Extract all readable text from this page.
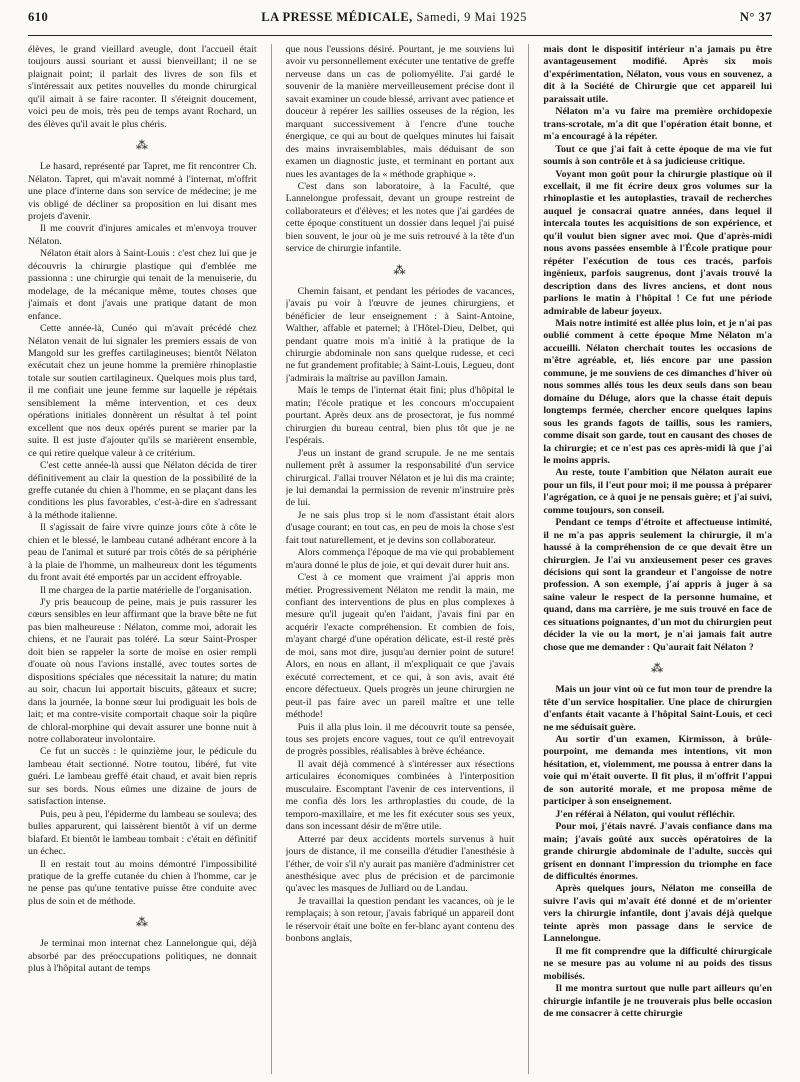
610	LA PRESSE MÉDICALE, Samedi, 9 Mai 1925	N° 37

élèves, le grand vieillard aveugle, dont l'accueil était toujours aussi souriant et aussi bienveillant; il ne se plaignait point; il parlait des livres de son fils et s'intéressait aux petites nouvelles du monde chirurgical qu'il aimait à se faire raconter. Il s'éteignit doucement, voici peu de mois, très peu de temps avant Rochard, un des élèves qu'il avait le plus chéris.

⁂

Le hasard, représenté par Tapret, me fit rencontrer Ch. Nélaton. Tapret, qui m'avait nommé à l'internat, m'offrit une place d'interne dans son service de médecine; je me vis obligé de décliner sa proposition en lui disant mes projets d'avenir.

Il me couvrit d'injures amicales et m'envoya trouver Nélaton.

Nélaton était alors à Saint-Louis : c'est chez lui que je découvris la chirurgie plastique qui d'emblée me passionna : une chirurgie qui tenait de la menuiserie, du modelage, de la mécanique même, toutes choses que j'aimais et dont j'avais une pratique datant de mon enfance.

Cette année-là, Cunéo qui m'avait précédé chez Nélaton venait de lui signaler les premiers essais de von Mangold sur les greffes cartilagineuses; bientôt Nélaton exécutait chez un jeune homme la première rhinoplastie totale sur soutien cartilagineux. Quelques mois plus tard, il me confiait une jeune femme sur laquelle je répétais sensiblement la même intervention, et ces deux opérations initiales donnèrent un résultat à tel point excellent que nos deux opérés purent se marier par la suite. Il est juste d'ajouter qu'ils se marièrent ensemble, ce qui retire quelque valeur à ce critérium.

C'est cette année-là aussi que Nélaton décida de tirer définitivement au clair la question de la possibilité de la greffe cutanée du chien à l'homme, en se plaçant dans les conditions les plus favorables, c'est-à-dire en s'adressant à la méthode italienne.

Il s'agissait de faire vivre quinze jours côte à côte le chien et le blessé, le lambeau cutané adhérant encore à la peau de l'animal et suturé par trois côtés de sa périphérie à la plaie de l'homme, un malheureux dont les téguments du front avait été emportés par un accident effroyable.

Il me chargea de la partie matérielle de l'organisation.

J'y pris beaucoup de peine, mais je puis rassurer les cœurs sensibles en leur affirmant que la brave bête ne fut pas bien malheureuse : Nélaton, comme moi, adorait les chiens, et ne l'aurait pas toléré. La sœur Saint-Prosper doit bien se rappeler la sorte de moïse en osier rempli d'ouate où nous l'avions installé, avec toutes sortes de dispositions spéciales que nécessitait la nature; du matin au soir, chacun lui apportait biscuits, gâteaux et sucre; dans la journée, la bonne sœur lui prodiguait les bols de lait; et ma contre-visite comportait chaque soir la piqûre de chloral-morphine qui devait assurer une bonne nuit à notre collaborateur involontaire.

Ce fut un succès : le quinzième jour, le pédicule du lambeau était sectionné. Notre toutou, libéré, fut vite guéri. Le lambeau greffé était chaud, et avait bien repris sur ses bords. Nous eûmes une dizaine de jours de satisfaction intense.

Puis, peu à peu, l'épiderme du lambeau se souleva; des bulles apparurent, qui laissèrent bientôt à vif un derme blafard. Et bientôt le lambeau tombait : c'était en définitif un échec.

Il en restait tout au moins démontré l'impossibilité pratique de la greffe cutanée du chien à l'homme, car je ne pense pas qu'une tentative puisse être conduite avec plus de soin et de méthode.

⁂

Je terminai mon internat chez Lannelongue qui, déjà absorbé par des préoccupations politiques, ne donnait plus à l'hôpital autant de temps

que nous l'eussions désiré. Pourtant, je me souviens lui avoir vu personnellement exécuter une tentative de greffe nerveuse dans un cas de poliomyélite. J'ai gardé le souvenir de la manière merveilleusement précise dont il savait examiner un coude blessé, arrivant avec patience et douceur à repérer les saillies osseuses de la région, les marquant successivement à l'encre d'une touche énergique, ce qui au bout de quelques minutes lui faisait des mains invraisemblables, mais déduisant de son examen un diagnostic juste, et terminant en portant aux nues les avantages de la « méthode graphique ».

C'est dans son laboratoire, à la Faculté, que Lannelongue professait, devant un groupe restreint de collaborateurs et d'élèves; et les notes que j'ai gardées de cette époque constituent un dossier dans lequel j'ai puisé bien souvent, le jour où je me suis retrouvé à la tête d'un service de chirurgie infantile.

⁂

Chemin faisant, et pendant les périodes de vacances, j'avais pu voir à l'œuvre de jeunes chirurgiens, et bénéficier de leur enseignement : à Saint-Antoine, Walther, affable et paternel; à l'Hôtel-Dieu, Delbet, qui pendant quatre mois m'a initié à la pratique de la chirurgie abdominale non sans quelque rudesse, et ceci ne fut grandement profitable; à Saint-Louis, Legueu, dont j'admirais la maîtrise au pavillon Jamain.

Mais le temps de l'internat était fini; plus d'hôpital le matin; l'école pratique et les concours m'occupaient pourtant. Après deux ans de prosectorat, je fus nommé chirurgien du bureau central, bien plus tôt que je ne l'espérais.

J'eus un instant de grand scrupule. Je ne me sentais nullement prêt à assumer la responsabilité d'un service chirurgical. J'allai trouver Nélaton et je lui dis ma crainte; je lui demandai la permission de revenir m'instruire près de lui.

Je ne sais plus trop si le nom d'assistant était alors d'usage courant; en tout cas, en peu de mois la chose s'est fait tout naturellement, et je devins son collaborateur.

Alors commença l'époque de ma vie qui probablement m'aura donné le plus de joie, et qui devait durer huit ans.

C'est à ce moment que vraiment j'ai appris mon métier. Progressivement Nélaton me rendit la main, me confiant des interventions de plus en plus complexes à mesure qu'il jugeait qu'en l'aidant, j'avais fini par en acquérir l'exacte compréhension. Et combien de fois, m'ayant chargé d'une opération délicate, est-il resté près de moi, sans mot dire, jusqu'au dernier point de suture! Alors, en nous en allant, il m'expliquait ce que j'avais exécuté correctement, et ce qui, à son avis, avait été encore défectueux. Quels progrès un jeune chirurgien ne peut-il pas faire avec un pareil maître et une telle méthode!

Puis il alla plus loin. il me découvrit toute sa pensée, tous ses projets encore vagues, tout ce qu'il entrevoyait de progrès possibles, réalisables à brève échéance.

Il avait déjà commencé à s'intéresser aux résections articulaires économiques combinées à l'interposition musculaire. Escomptant l'avenir de ces interventions, il me confia dès lors les arthroplasties du coude, de la temporo-maxillaire, et me les fit exécuter sous ses yeux, dans son incessant désir de m'être utile.

Atterré par deux accidents mortels survenus à huit jours de distance, il me conseilla d'étudier l'anesthésie à l'éther, de voir s'il n'y aurait pas manière d'administrer cet anesthésique avec plus de précision et de parcimonie qu'avec les masques de Julliard ou de Landau.

Je travaillai la question pendant les vacances, où je le remplaçais; à son retour, j'avais fabriqué un appareil dont le réservoir était une boîte en fer-blanc ayant contenu des bonbons anglais,

mais dont le dispositif intérieur n'a jamais pu être avantageusement modifié. Après six mois d'expérimentation, Nélaton, vous vous en souvenez, a dit à la Société de Chirurgie que cet appareil lui paraissait utile.

Nélaton m'a vu faire ma première orchidopexie trans-scrotale, m'a dit que l'opération était bonne, et m'a encouragé à la répéter.

Tout ce que j'ai fait à cette époque de ma vie fut soumis à son contrôle et à sa judicieuse critique.

Voyant mon goût pour la chirurgie plastique où il excellait, il me fit écrire deux gros volumes sur la rhinoplastie et les autoplasties, travail de recherches auquel je consacrai quatre années, dans lequel il intercala toutes les acquisitions de son expérience, et qu'il voulut bien signer avec moi. Que d'après-midi nous avons passées ensemble à l'École pratique pour répéter l'exécution de tous ces tracés, parfois ingénieux, parfois saugrenus, dont j'avais trouvé la description dans des livres anciens, et dont nous parlions le matin à l'hôpital ! Ce fut une période admirable de labeur joyeux.

Mais notre intimité est allée plus loin, et je n'ai pas oublié comment à cette époque Mme Nélaton m'a accueilli. Nélaton cherchait toutes les occasions de m'être agréable, et, liés encore par une passion commune, je me souviens de ces dimanches d'hiver où nous sommes allés tous les deux seuls dans son beau domaine du Déluge, alors que la chasse était depuis longtemps fermée, chercher encore quelques lapins sous les grands fagots de taillis, sous les ramiers, comme disait son garde, tout en causant des choses de la chirurgie; et ce n'est pas ces après-midi là que j'ai le moins appris.

Au reste, toute l'ambition que Nélaton aurait eue pour un fils, il l'eut pour moi; il me poussa à préparer l'agrégation, ce à quoi je ne pensais guère; et j'ai suivi, comme toujours, son conseil.

Pendant ce temps d'étroite et affectueuse intimité, il ne m'a pas appris seulement la chirurgie, il m'a haussé à la compréhension de ce que devait être un chirurgien. Je l'ai vu anxieusement peser ces graves décisions qui sont la grandeur et l'angoisse de notre profession. A son exemple, j'ai appris à juger à sa saine valeur le respect de la personne humaine, et quand, dans ma carrière, je me suis trouvé en face de ces situations poignantes, d'un mot du chirurgien peut décider la vie ou la mort, je n'ai jamais fait autre chose que me demander : Qu'aurait fait Nélaton ?

⁂

Mais un jour vint où ce fut mon tour de prendre la tête d'un service hospitalier. Une place de chirurgien d'enfants était vacante à l'hôpital Saint-Louis, et ceci ne me séduisait guère.

Au sortir d'un examen, Kirmisson, à brûle-pourpoint, me demanda mes intentions, vit mon hésitation, et, violemment, me poussa à entrer dans la voie qui m'était ouverte. Il fit plus, il m'offrit l'appui de son autorité morale, et me proposa même de participer à son enseignement.

J'en référai à Nélaton, qui voulut réfléchir.

Pour moi, j'étais navré. J'avais confiance dans ma main; j'avais goûté aux succès opératoires de la grande chirurgie abdominale de l'adulte, succès qui grisent en donnant l'impression du triomphe en face de difficultés énormes.

Après quelques jours, Nélaton me conseilla de suivre l'avis qui m'avait été donné et de m'orienter vers la chirurgie infantile, dont j'avais déjà quelque teinte après mon passage dans le service de Lannelongue.

Il me fit comprendre que la difficulté chirurgicale ne se mesure pas au volume ni au poids des tissus mobilisés.

Il me montra surtout que nulle part ailleurs qu'en chirurgie infantile je ne trouverais plus belle occasion de me consacrer à cette chirurgie
